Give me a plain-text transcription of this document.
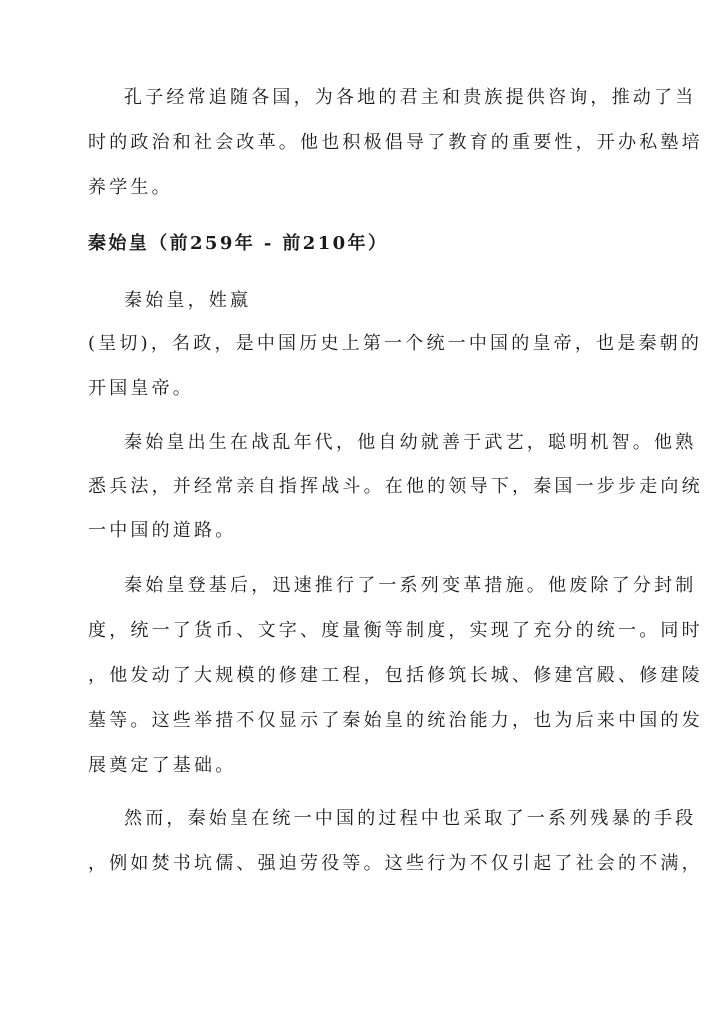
孔子经常追随各国，为各地的君主和贵族提供咨询，推动了当
时的政治和社会改革。他也积极倡导了教育的重要性，开办私塾培
养学生。
秦始皇（前259年 - 前210年）
秦始皇，姓嬴
(呈切)，名政，是中国历史上第一个统一中国的皇帝，也是秦朝的
开国皇帝。
秦始皇出生在战乱年代，他自幼就善于武艺，聪明机智。他熟
悉兵法，并经常亲自指挥战斗。在他的领导下，秦国一步步走向统
一中国的道路。
秦始皇登基后，迅速推行了一系列变革措施。他废除了分封制
度，统一了货币、文字、度量衡等制度，实现了充分的统一。同时
，他发动了大规模的修建工程，包括修筑长城、修建宫殿、修建陵
墓等。这些举措不仅显示了秦始皇的统治能力，也为后来中国的发
展奠定了基础。
然而，秦始皇在统一中国的过程中也采取了一系列残暴的手段
，例如焚书坑儒、强迫劳役等。这些行为不仅引起了社会的不满，
